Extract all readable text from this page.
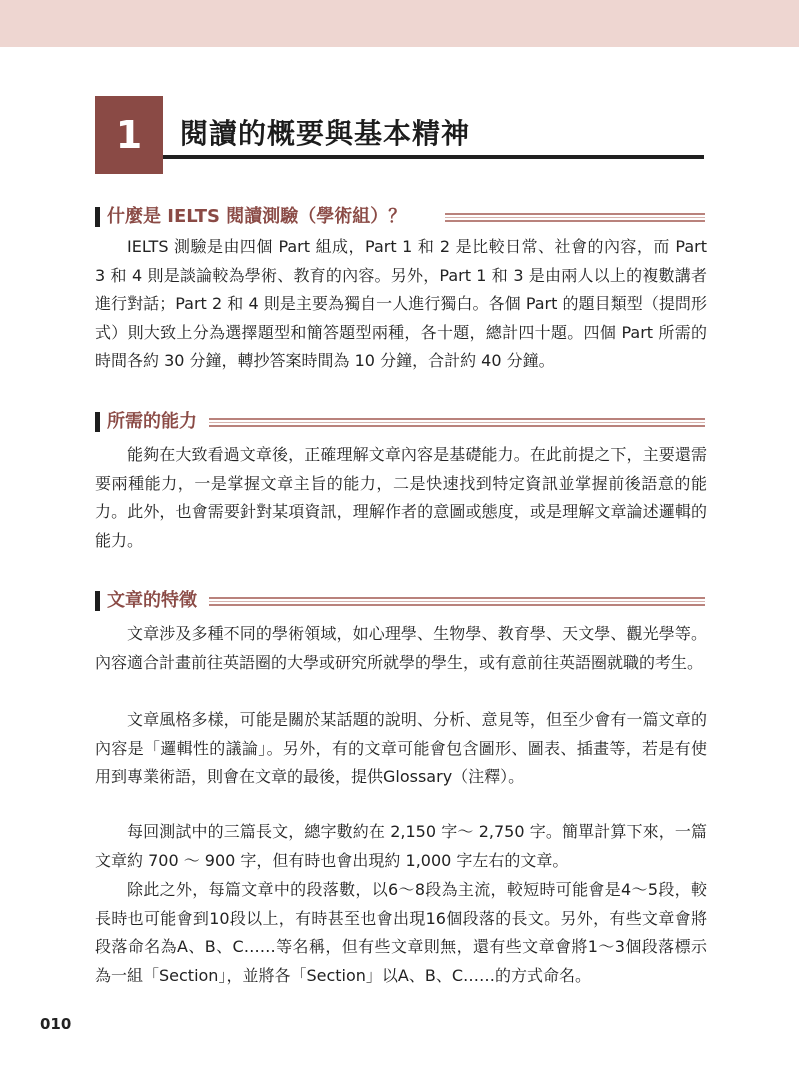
1	閱讀的概要與基本精神
什麼是 IELTS 閱讀測驗（學術組）？

IELTS 測驗是由四個 Part 組成，Part 1 和 2 是比較日常、社會的內容，而 Part 3 和 4 則是談論較為學術、教育的內容。另外，Part 1 和 3 是由兩人以上的複數講者進行對話；Part 2 和 4 則是主要為獨自一人進行獨白。各個 Part 的題目類型（提問形式）則大致上分為選擇題型和簡答題型兩種，各十題，總計四十題。四個 Part 所需的時間各約 30 分鐘，轉抄答案時間為 10 分鐘，合計約 40 分鐘。

所需的能力

能夠在大致看過文章後，正確理解文章內容是基礎能力。在此前提之下，主要還需要兩種能力，一是掌握文章主旨的能力，二是快速找到特定資訊並掌握前後語意的能力。此外，也會需要針對某項資訊，理解作者的意圖或態度，或是理解文章論述邏輯的能力。

文章的特徵

文章涉及多種不同的學術領域，如心理學、生物學、教育學、天文學、觀光學等。內容適合計畫前往英語圈的大學或研究所就學的學生，或有意前往英語圈就職的考生。

文章風格多樣，可能是關於某話題的說明、分析、意見等，但至少會有一篇文章的內容是「邏輯性的議論」。另外，有的文章可能會包含圖形、圖表、插畫等，若是有使用到專業術語，則會在文章的最後，提供Glossary（注釋）。

每回測試中的三篇長文，總字數約在 2,150 字～ 2,750 字。簡單計算下來，一篇文章約 700 ～ 900 字，但有時也會出現約 1,000 字左右的文章。

除此之外，每篇文章中的段落數，以6～8段為主流，較短時可能會是4～5段，較長時也可能會到10段以上，有時甚至也會出現16個段落的長文。另外，有些文章會將段落命名為A、B、C……等名稱，但有些文章則無，還有些文章會將1～3個段落標示為一組「Section」，並將各「Section」以A、B、C……的方式命名。

010
